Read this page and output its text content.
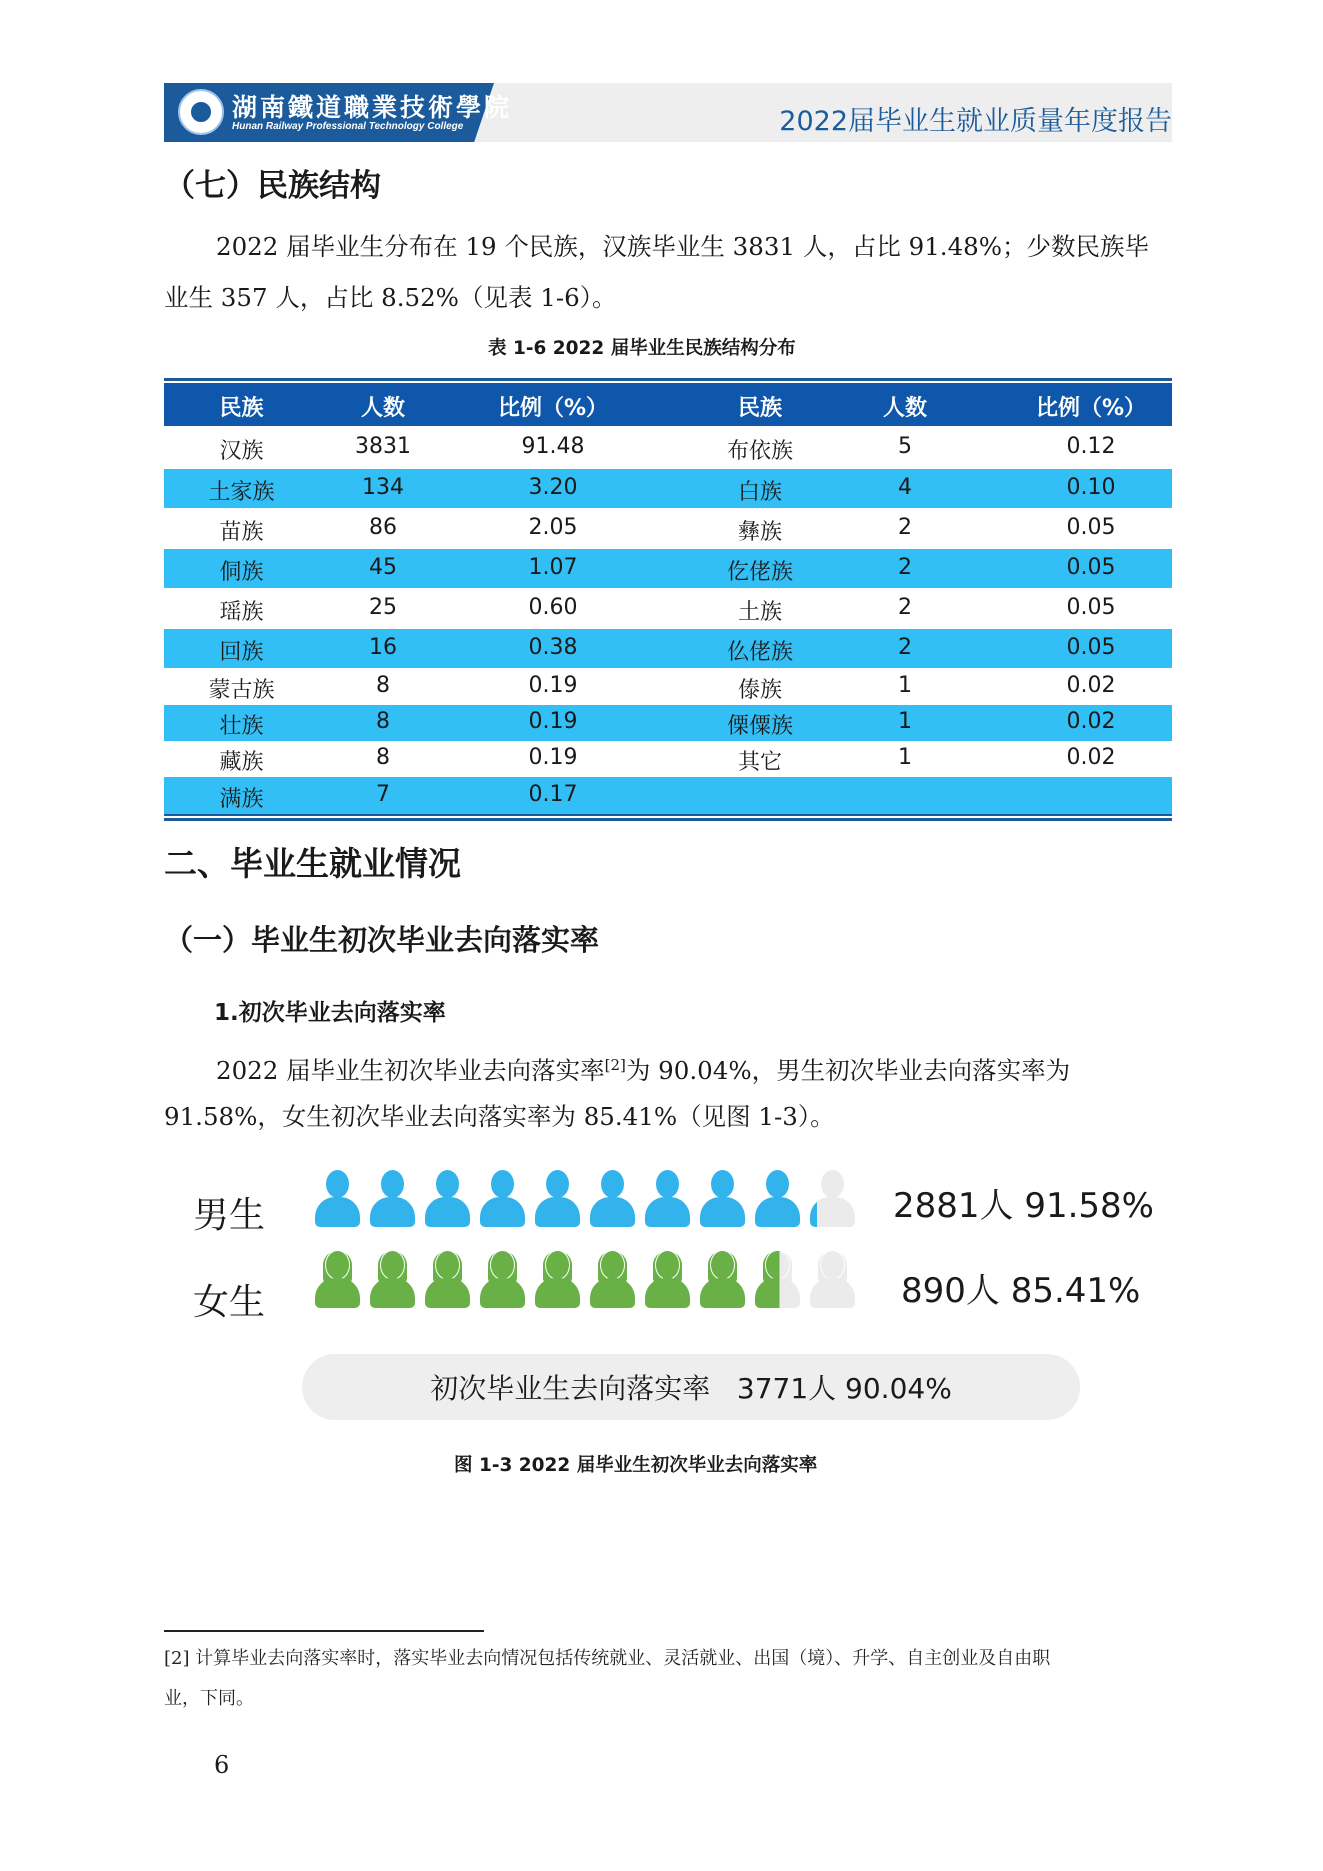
湖南鐵道職業技術學院
Hunan Railway Professional Technology College	2022届毕业生就业质量年度报告
（七）民族结构
2022 届毕业生分布在 19 个民族，汉族毕业生 3831 人，占比 91.48%；少数民族毕
业生 357 人，占比 8.52%（见表 1-6）。
表 1-6 2022 届毕业生民族结构分布
民族	人数	比例（%）	民族	人数	比例（%）
汉族	3831	91.48	布依族	5	0.12
土家族	134	3.20	白族	4	0.10
苗族	86	2.05	彝族	2	0.05
侗族	45	1.07	仡佬族	2	0.05
瑶族	25	0.60	土族	2	0.05
回族	16	0.38	仫佬族	2	0.05
蒙古族	8	0.19	傣族	1	0.02
壮族	8	0.19	傈僳族	1	0.02
藏族	8	0.19	其它	1	0.02
满族	7	0.17
二、毕业生就业情况
（一）毕业生初次毕业去向落实率
1.初次毕业去向落实率
2022 届毕业生初次毕业去向落实率[2]为 90.04%，男生初次毕业去向落实率为
91.58%，女生初次毕业去向落实率为 85.41%（见图 1-3）。
男生	2881人 91.58%
女生	890人 85.41%
初次毕业生去向落实率   3771人 90.04%
图 1-3 2022 届毕业生初次毕业去向落实率
[2] 计算毕业去向落实率时，落实毕业去向情况包括传统就业、灵活就业、出国（境）、升学、自主创业及自由职
业，下同。
6
